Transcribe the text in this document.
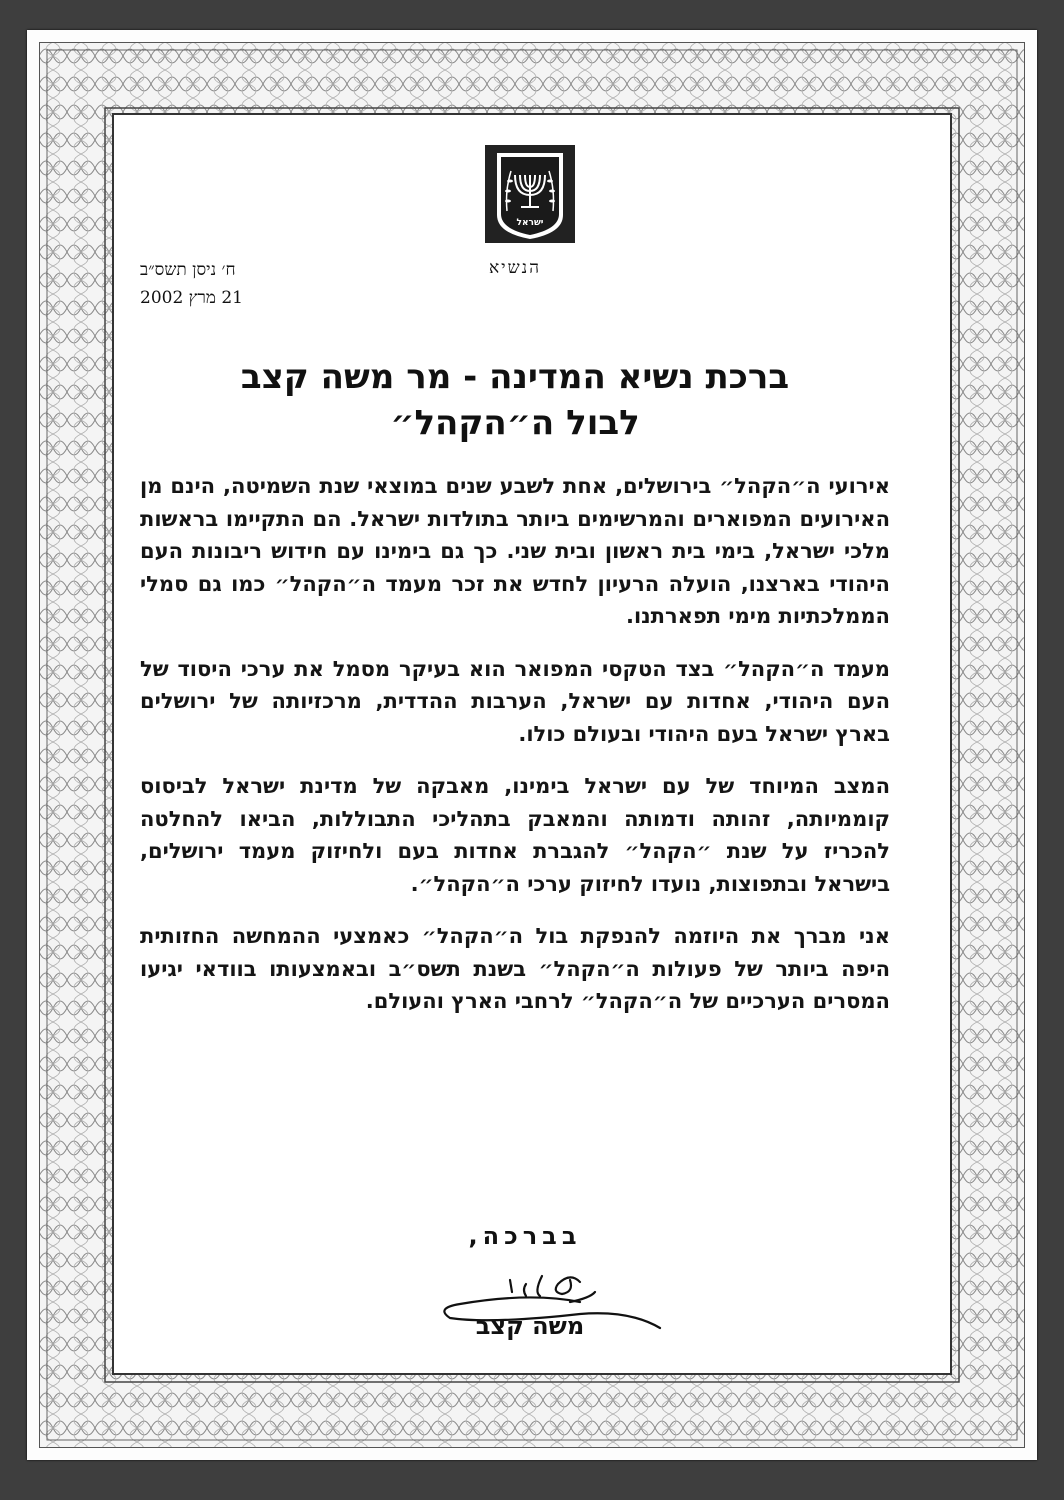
ישראל
הנשיא
ח׳ ניסן תשס״ב
21 מרץ 2002
ברכת נשיא המדינה - מר משה קצב
לבול ה״הקהל״

אירועי ה״הקהל״ בירושלים, אחת לשבע שנים במוצאי שנת השמיטה, הינם מן האירועים המפוארים והמרשימים ביותר בתולדות ישראל. הם התקיימו בראשות מלכי ישראל, בימי בית ראשון ובית שני. כך גם בימינו עם חידוש ריבונות העם היהודי בארצנו, הועלה הרעיון לחדש את זכר מעמד ה״הקהל״ כמו גם סמלי הממלכתיות מימי תפארתנו.

מעמד ה״הקהל״ בצד הטקסי המפואר הוא בעיקר מסמל את ערכי היסוד של העם היהודי, אחדות עם ישראל, הערבות ההדדית, מרכזיותה של ירושלים בארץ ישראל בעם היהודי ובעולם כולו.

המצב המיוחד של עם ישראל בימינו, מאבקה של מדינת ישראל לביסוס קוממיותה, זהותה ודמותה והמאבק בתהליכי התבוללות, הביאו להחלטה להכריז על שנת ״הקהל״ להגברת אחדות בעם ולחיזוק מעמד ירושלים, בישראל ובתפוצות, נועדו לחיזוק ערכי ה״הקהל״.

אני מברך את היוזמה להנפקת בול ה״הקהל״ כאמצעי ההמחשה החזותית היפה ביותר של פעולות ה״הקהל״ בשנת תשס״ב ובאמצעותו בוודאי יגיעו המסרים הערכיים של ה״הקהל״ לרחבי הארץ והעולם.

בברכה,
משה קצב
